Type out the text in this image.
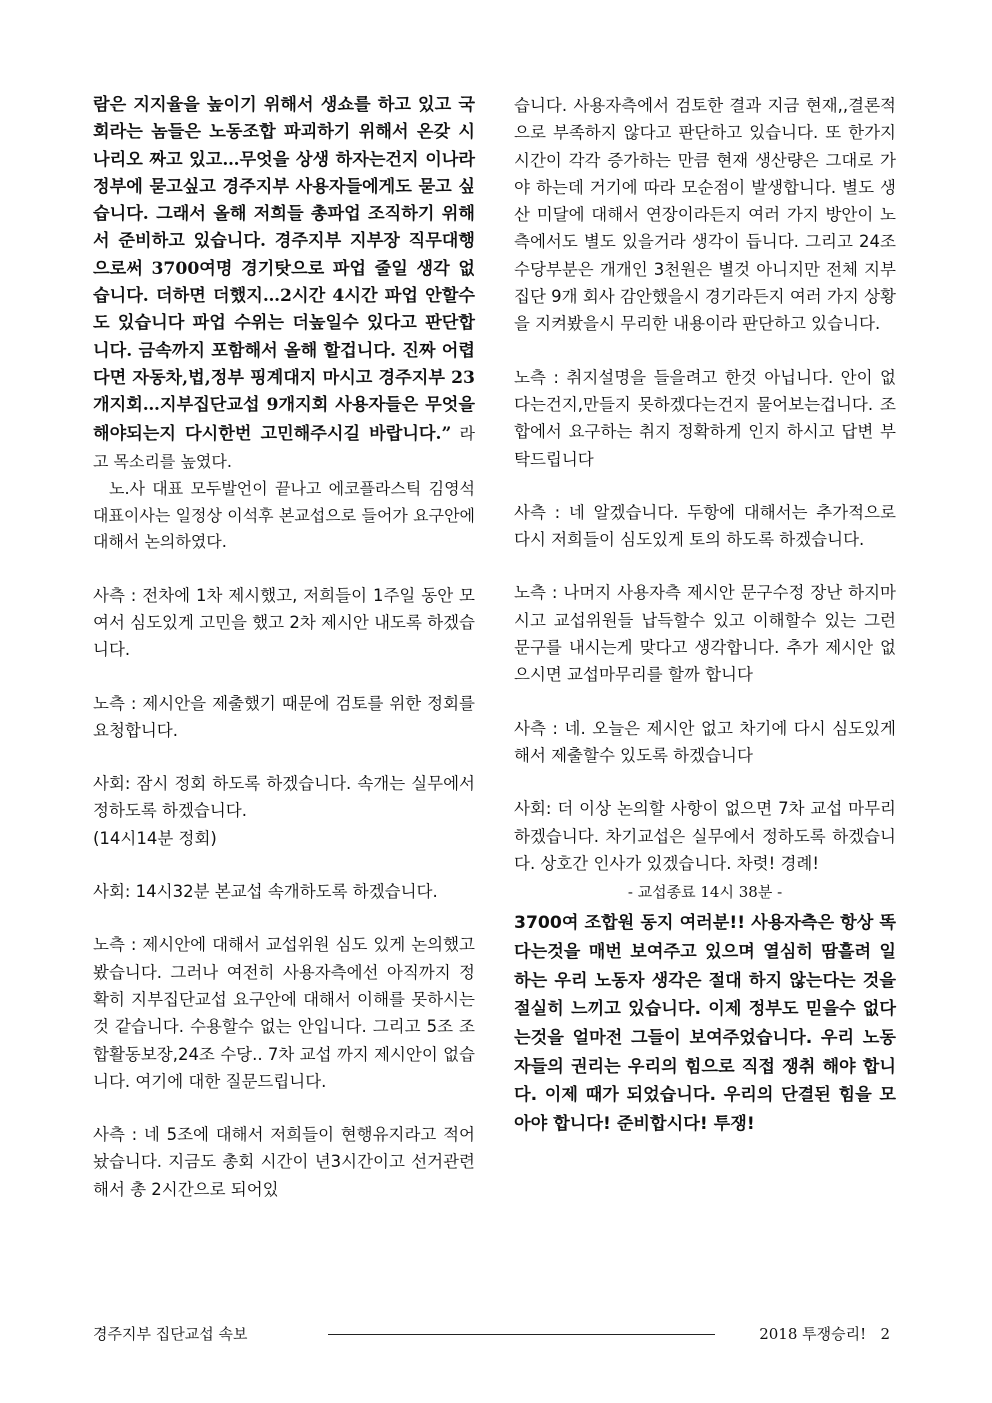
람은 지지율을 높이기 위해서 생쇼를 하고 있고 국회라는 놈들은 노동조합 파괴하기 위해서 온갖 시나리오 짜고 있고…무엇을 상생 하자는건지 이나라 정부에 묻고싶고 경주지부 사용자들에게도 묻고 싶습니다. 그래서 올해 저희들 총파업 조직하기 위해서 준비하고 있습니다. 경주지부 지부장 직무대행 으로써 3700여명 경기탓으로 파업 줄일 생각 없습니다. 더하면 더했지…2시간 4시간 파업 안할수도 있습니다 파업 수위는 더높일수 있다고 판단합니다. 금속까지 포함해서 올해 할겁니다. 진짜 어렵다면 자동차,법,정부 핑계대지 마시고 경주지부 23개지회…지부집단교섭 9개지회 사용자들은 무엇을 해야되는지 다시한번 고민해주시길 바랍니다.” 라고 목소리를 높였다.

노.사 대표 모두발언이 끝나고 에코플라스틱 김영석 대표이사는 일정상 이석후 본교섭으로 들어가 요구안에 대해서 논의하였다.

사측 : 전차에 1차 제시했고, 저희들이 1주일 동안 모여서 심도있게 고민을 했고 2차 제시안 내도록 하겠습니다.

노측 : 제시안을 제출했기 때문에 검토를 위한 정회를 요청합니다.

사회: 잠시 정회 하도록 하겠습니다. 속개는 실무에서 정하도록 하겠습니다.

(14시14분 정회)

사회: 14시32분 본교섭 속개하도록 하겠습니다.

노측 : 제시안에 대해서 교섭위원 심도 있게 논의했고 봤습니다. 그러나 여전히 사용자측에선 아직까지 정확히 지부집단교섭 요구안에 대해서 이해를 못하시는것 같습니다. 수용할수 없는 안입니다. 그리고 5조 조합활동보장,24조 수당.. 7차 교섭 까지 제시안이 없습니다. 여기에 대한 질문드립니다.

사측 : 네 5조에 대해서 저희들이 현행유지라고 적어놨습니다. 지금도 총회 시간이 년3시간이고 선거관련해서 총 2시간으로 되어있

습니다. 사용자측에서 검토한 결과 지금 현재,,결론적으로 부족하지 않다고 판단하고 있습니다. 또 한가지 시간이 각각 증가하는 만큼 현재 생산량은 그대로 가야 하는데 거기에 따라 모순점이 발생합니다. 별도 생산 미달에 대해서 연장이라든지 여러 가지 방안이 노측에서도 별도 있을거라 생각이 듭니다. 그리고 24조 수당부분은 개개인 3천원은 별것 아니지만 전체 지부집단 9개 회사 감안했을시 경기라든지 여러 가지 상황을 지켜봤을시 무리한 내용이라 판단하고 있습니다.

노측 : 취지설명을 들을려고 한것 아닙니다. 안이 없다는건지,만들지 못하겠다는건지 물어보는겁니다. 조합에서 요구하는 취지 정확하게 인지 하시고 답변 부탁드립니다

사측 : 네 알겠습니다. 두항에 대해서는 추가적으로 다시 저희들이 심도있게 토의 하도록 하겠습니다.

노측 : 나머지 사용자측 제시안 문구수정 장난 하지마시고 교섭위원들 납득할수 있고 이해할수 있는 그런 문구를 내시는게 맞다고 생각합니다. 추가 제시안 없으시면 교섭마무리를 할까 합니다

사측 : 네. 오늘은 제시안 없고 차기에 다시 심도있게 해서 제출할수 있도록 하겠습니다

사회: 더 이상 논의할 사항이 없으면 7차 교섭 마무리 하겠습니다. 차기교섭은 실무에서 정하도록 하겠습니다. 상호간 인사가 있겠습니다. 차렷! 경례!

- 교섭종료 14시 38분 -

3700여 조합원 동지 여러분!! 사용자측은 항상 똑다는것을 매번 보여주고 있으며 열심히 땀흘려 일하는 우리 노동자 생각은 절대 하지 않는다는 것을 절실히 느끼고 있습니다. 이제 정부도 믿을수 없다는것을 얼마전 그들이 보여주었습니다. 우리 노동자들의 권리는 우리의 힘으로 직접 쟁취 해야 합니다. 이제 때가 되었습니다. 우리의 단결된 힘을 모아야 합니다! 준비합시다! 투쟁!

경주지부 집단교섭 속보	2018 투쟁승리!   2
